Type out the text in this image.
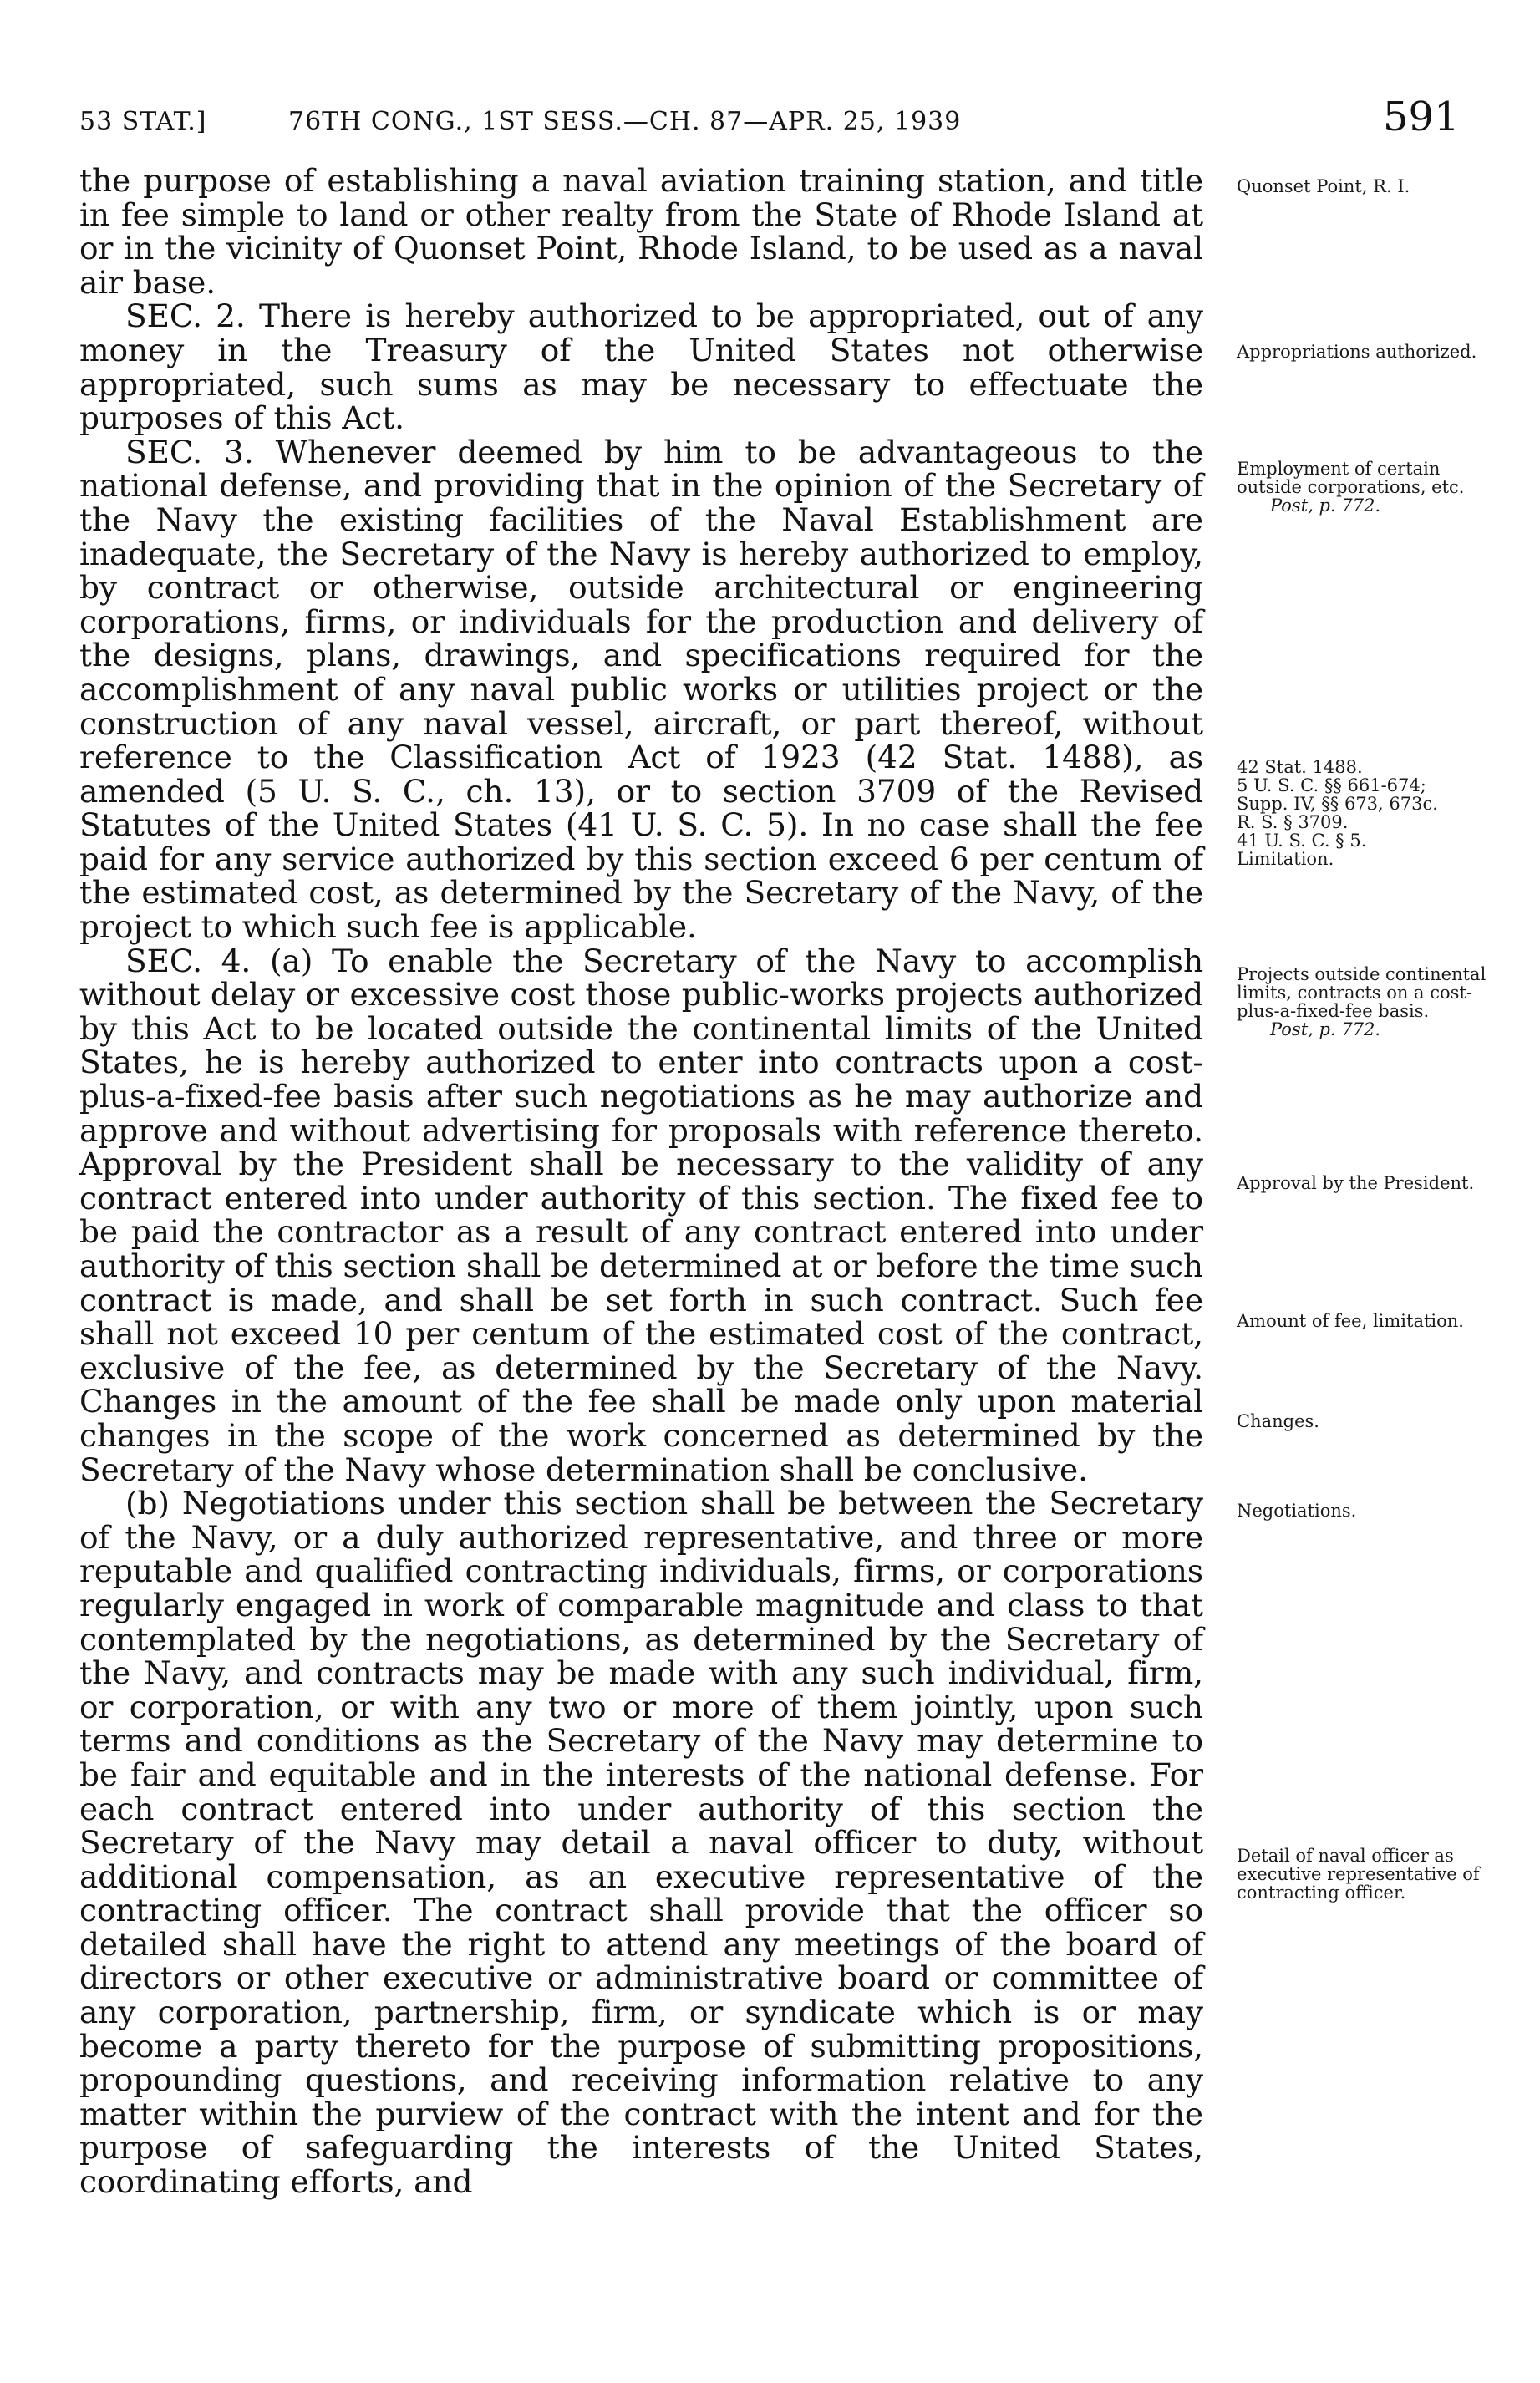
53 STAT.]	76TH CONG., 1ST SESS.—CH. 87—APR. 25, 1939	591

the purpose of establishing a naval aviation training station, and title in fee simple to land or other realty from the State of Rhode Island at or in the vicinity of Quonset Point, Rhode Island, to be used as a naval air base.

SEC. 2. There is hereby authorized to be appropriated, out of any money in the Treasury of the United States not otherwise appropriated, such sums as may be necessary to effectuate the purposes of this Act.

SEC. 3. Whenever deemed by him to be advantageous to the national defense, and providing that in the opinion of the Secretary of the Navy the existing facilities of the Naval Establishment are inadequate, the Secretary of the Navy is hereby authorized to employ, by contract or otherwise, outside architectural or engineering corporations, firms, or individuals for the production and delivery of the designs, plans, drawings, and specifications required for the accomplishment of any naval public works or utilities project or the construction of any naval vessel, aircraft, or part thereof, without reference to the Classification Act of 1923 (42 Stat. 1488), as amended (5 U. S. C., ch. 13), or to section 3709 of the Revised Statutes of the United States (41 U. S. C. 5). In no case shall the fee paid for any service authorized by this section exceed 6 per centum of the estimated cost, as determined by the Secretary of the Navy, of the project to which such fee is applicable.

SEC. 4. (a) To enable the Secretary of the Navy to accomplish without delay or excessive cost those public-works projects authorized by this Act to be located outside the continental limits of the United States, he is hereby authorized to enter into contracts upon a cost-plus-a-fixed-fee basis after such negotiations as he may authorize and approve and without advertising for proposals with reference thereto. Approval by the President shall be necessary to the validity of any contract entered into under authority of this section. The fixed fee to be paid the contractor as a result of any contract entered into under authority of this section shall be determined at or before the time such contract is made, and shall be set forth in such contract. Such fee shall not exceed 10 per centum of the estimated cost of the contract, exclusive of the fee, as determined by the Secretary of the Navy. Changes in the amount of the fee shall be made only upon material changes in the scope of the work concerned as determined by the Secretary of the Navy whose determination shall be conclusive.

(b) Negotiations under this section shall be between the Secretary of the Navy, or a duly authorized representative, and three or more reputable and qualified contracting individuals, firms, or corporations regularly engaged in work of comparable magnitude and class to that contemplated by the negotiations, as determined by the Secretary of the Navy, and contracts may be made with any such individual, firm, or corporation, or with any two or more of them jointly, upon such terms and conditions as the Secretary of the Navy may determine to be fair and equitable and in the interests of the national defense. For each contract entered into under authority of this section the Secretary of the Navy may detail a naval officer to duty, without additional compensation, as an executive representative of the contracting officer. The contract shall provide that the officer so detailed shall have the right to attend any meetings of the board of directors or other executive or administrative board or committee of any corporation, partnership, firm, or syndicate which is or may become a party thereto for the purpose of submitting propositions, propounding questions, and receiving information relative to any matter within the purview of the contract with the intent and for the purpose of safeguarding the interests of the United States, coordinating efforts, and

Quonset Point, R. I.
Appropriations authorized.
Employment of certain outside corporations, etc.
Post, p. 772.
42 Stat. 1488.
5 U. S. C. §§ 661-674;
Supp. IV, §§ 673, 673c.
R. S. § 3709.
41 U. S. C. § 5.
Limitation.
Projects outside continental limits, contracts on a cost-plus-a-fixed-fee basis.
Post, p. 772.
Approval by the President.
Amount of fee, limitation.
Changes.
Negotiations.
Detail of naval officer as executive representative of contracting officer.
